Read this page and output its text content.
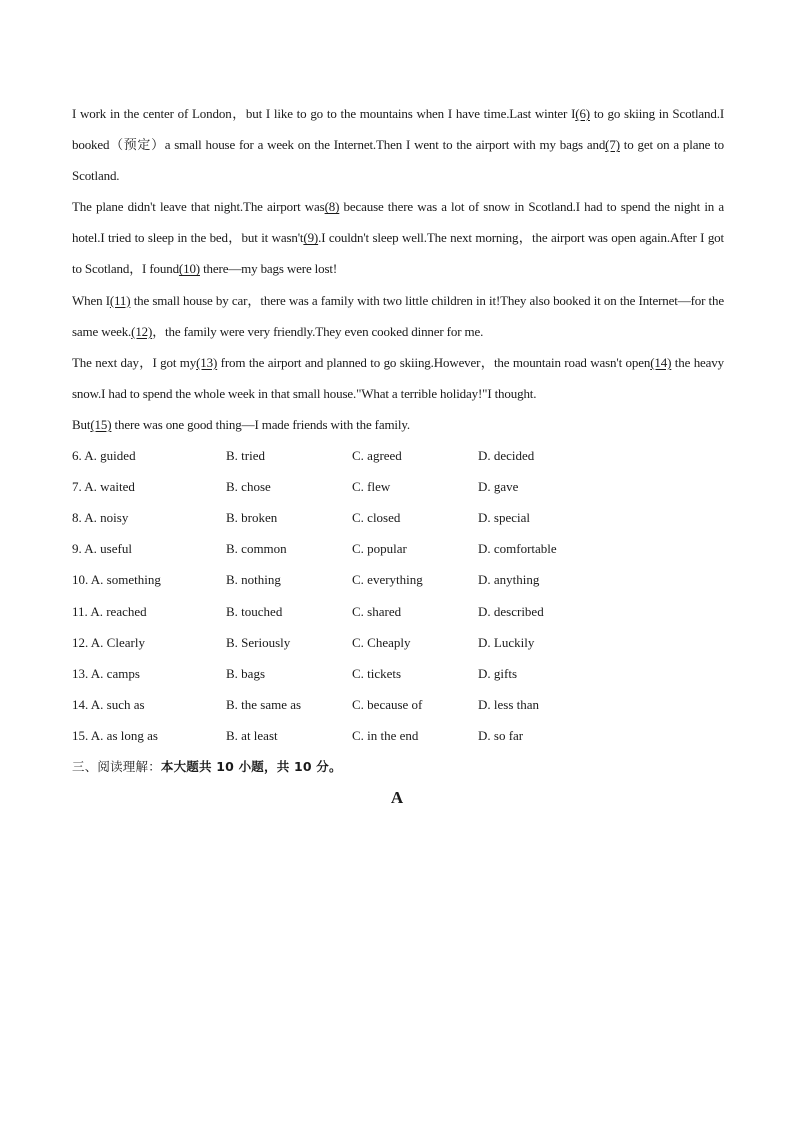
I work in the center of London，but I like to go to the mountains when I have time.Last winter I(6) to go skiing in Scotland.I booked（预定）a small house for a week on the Internet.Then I went to the airport with my bags and(7) to get on a plane to Scotland.

The plane didn't leave that night.The airport was(8) because there was a lot of snow in Scotland.I had to spend the night in a hotel.I tried to sleep in the bed，but it wasn't(9).I couldn't sleep well.The next morning，the airport was open again.After I got to Scotland，I found(10) there—my bags were lost!

When I(11) the small house by car，there was a family with two little children in it!They also booked it on the Internet—for the same week.(12)，the family were very friendly.They even cooked dinner for me.

The next day，I got my(13) from the airport and planned to go skiing.However，the mountain road wasn't open(14) the heavy snow.I had to spend the whole week in that small house."What a terrible holiday!"I thought.

But(15) there was one good thing—I made friends with the family.

6. A. guided	B. tried	C. agreed	D. decided
7. A. waited	B. chose	C. flew	D. gave
8. A. noisy	B. broken	C. closed	D. special
9. A. useful	B. common	C. popular	D. comfortable
10. A. something	B. nothing	C. everything	D. anything
11. A. reached	B. touched	C. shared	D. described
12. A. Clearly	B. Seriously	C. Cheaply	D. Luckily
13. A. camps	B. bags	C. tickets	D. gifts
14. A. such as	B. the same as	C. because of	D. less than
15. A. as long as	B. at least	C. in the end	D. so far
三、阅读理解：本大题共 10 小题，共 10 分。
A
